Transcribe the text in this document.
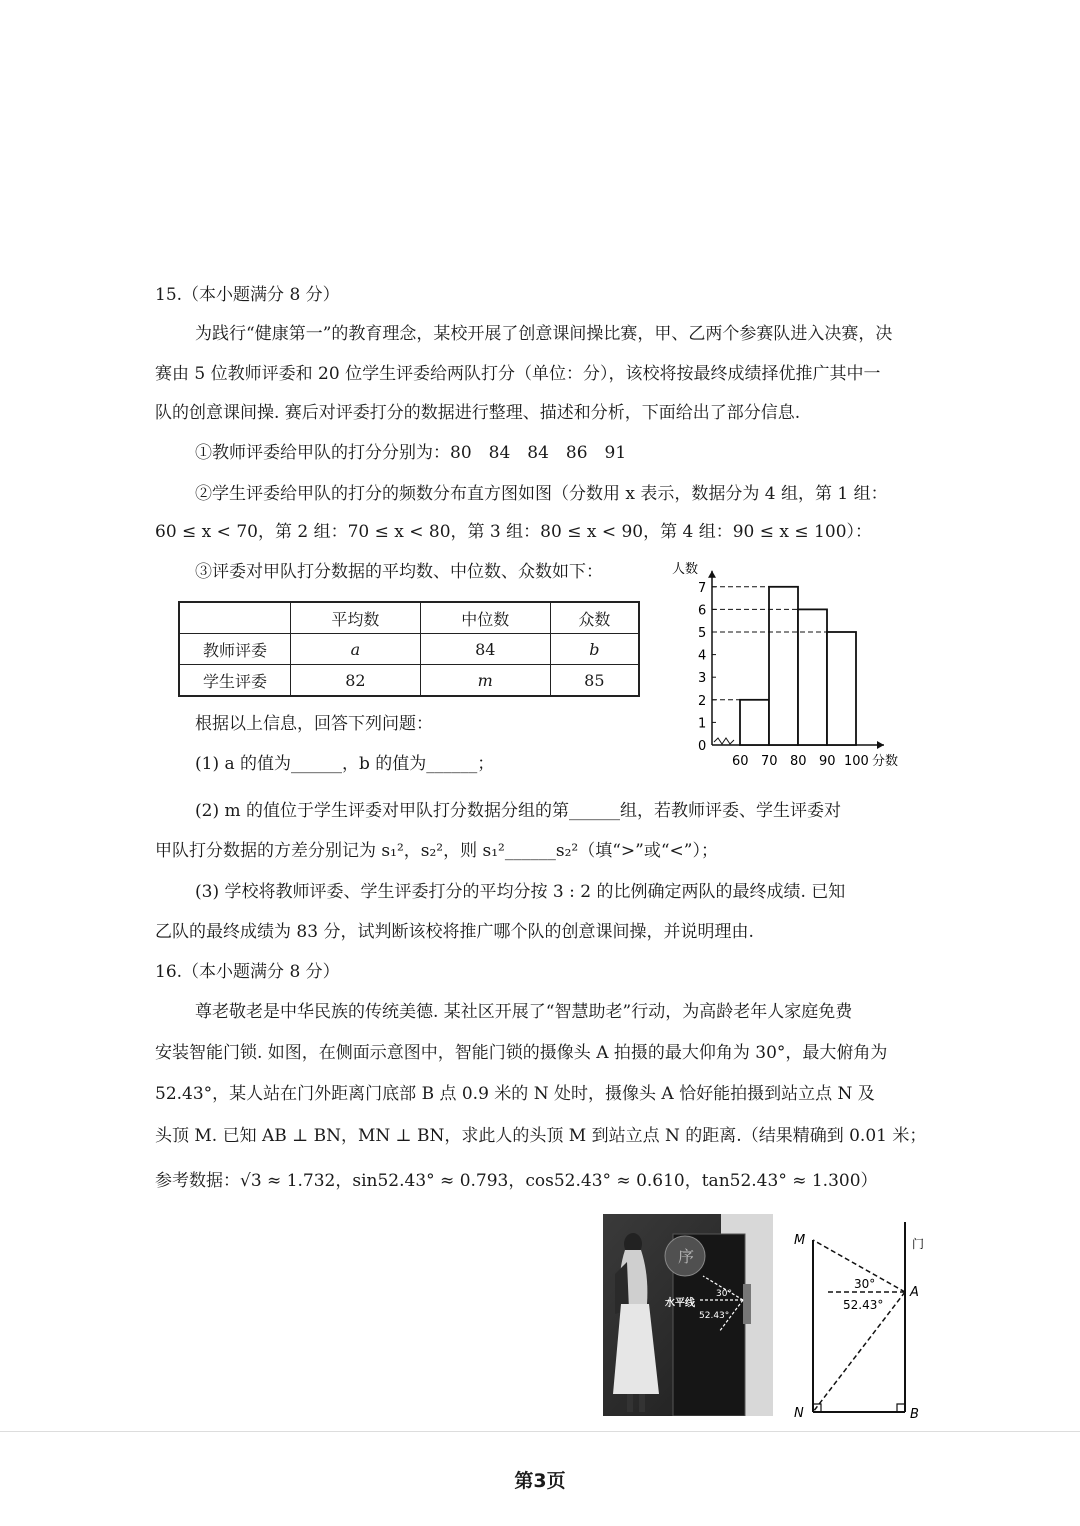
15.（本小题满分 8 分）
为践行“健康第一”的教育理念，某校开展了创意课间操比赛，甲、乙两个参赛队进入决赛，决
赛由 5 位教师评委和 20 位学生评委给两队打分（单位：分），该校将按最终成绩择优推广其中一
队的创意课间操. 赛后对评委打分的数据进行整理、描述和分析，下面给出了部分信息.
①教师评委给甲队的打分分别为：80　84　84　86　91
②学生评委给甲队的打分的频数分布直方图如图（分数用 x 表示，数据分为 4 组，第 1 组：
60 ≤ x < 70，第 2 组：70 ≤ x < 80，第 3 组：80 ≤ x < 90，第 4 组：90 ≤ x ≤ 100）：
③评委对甲队打分数据的平均数、中位数、众数如下：
	平均数	中位数	众数
教师评委	a	84	b
学生评委	82	m	85
0
1
2
3
4
5
6
7
人数
60 70 80 90 100 分数
根据以上信息，回答下列问题：
(1) a 的值为______，b 的值为______；
(2) m 的值位于学生评委对甲队打分数据分组的第______组，若教师评委、学生评委对
甲队打分数据的方差分别记为 s₁²，s₂²，则 s₁²______s₂²（填“>”或“<”）；
(3) 学校将教师评委、学生评委打分的平均分按 3 : 2 的比例确定两队的最终成绩. 已知
乙队的最终成绩为 83 分，试判断该校将推广哪个队的创意课间操，并说明理由.
16.（本小题满分 8 分）
尊老敬老是中华民族的传统美德. 某社区开展了“智慧助老”行动，为高龄老年人家庭免费
安装智能门锁. 如图，在侧面示意图中，智能门锁的摄像头 A 拍摄的最大仰角为 30°，最大俯角为
52.43°，某人站在门外距离门底部 B 点 0.9 米的 N 处时，摄像头 A 恰好能拍摄到站立点 N 及
头顶 M. 已知 AB ⊥ BN，MN ⊥ BN，求此人的头顶 M 到站立点 N 的距离.（结果精确到 0.01 米；
参考数据：√3 ≈ 1.732，sin52.43° ≈ 0.793，cos52.43° ≈ 0.610，tan52.43° ≈ 1.300）
序
水平线
30°
52.43°
M
N
A
B
门
30°
52.43°
第3页
